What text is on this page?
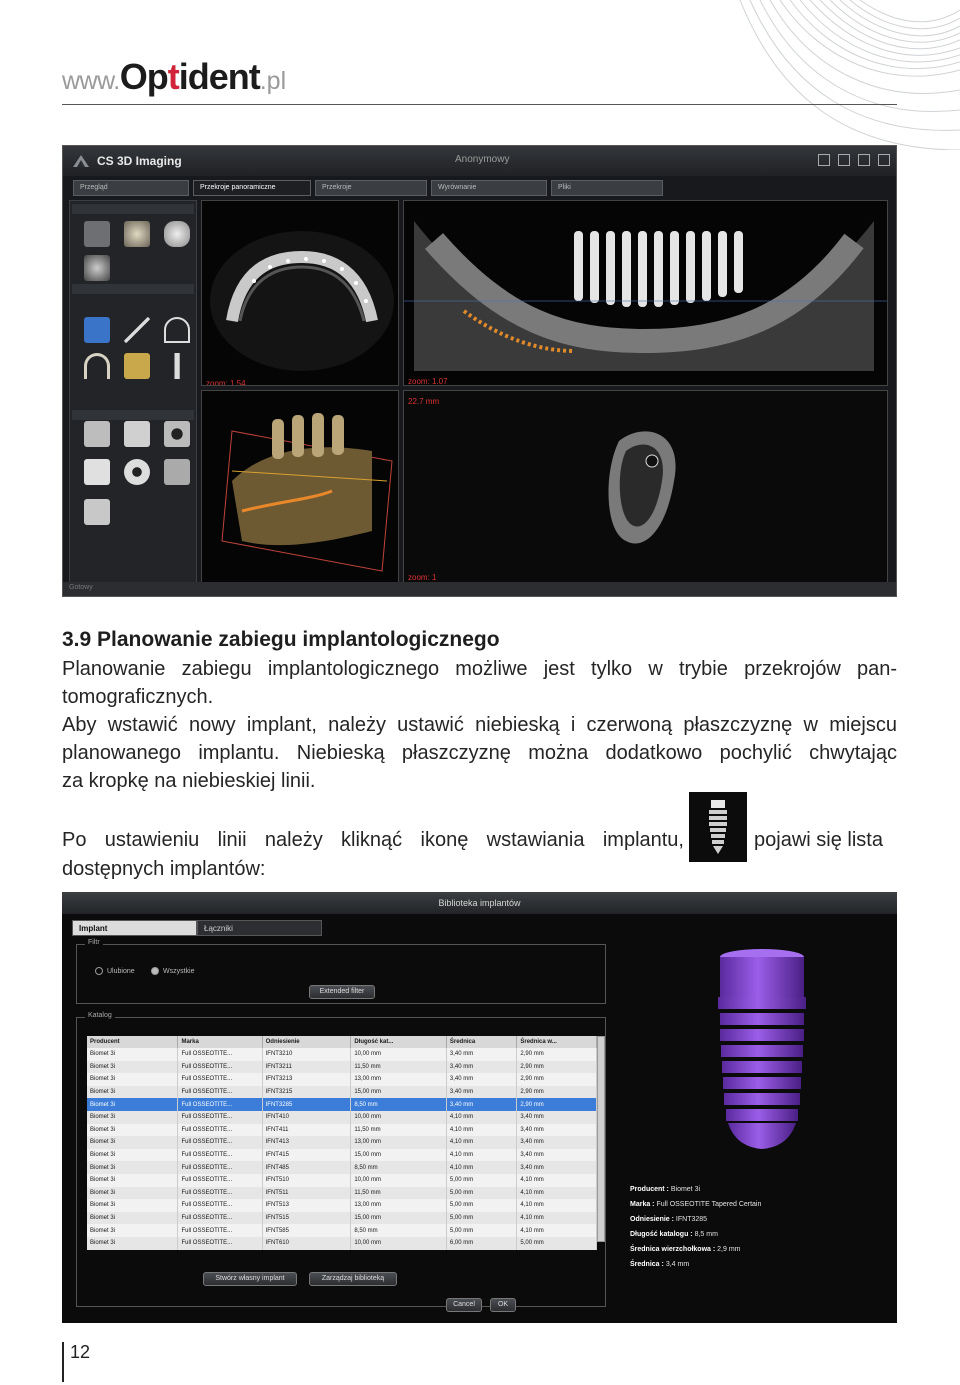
www. Optident .pl
CS 3D Imaging	Anonymowy
Przegląd	Przekroje panoramiczne	Przekroje	Wyrównanie	Pliki
zoom: 1.54	zoom: 1.07
22.7 mm
zoom: 1
Gotowy
3.9 Planowanie zabiegu implantologicznego
Planowanie zabiegu implantologicznego możliwe jest tylko w trybie przekrojów pan-
tomograficznych.
Aby wstawić nowy implant, należy ustawić niebieską i czerwoną płaszczyznę w miejscu
planowanego implantu. Niebieską płaszczyznę można dodatkowo pochylić chwytając
za kropkę na niebieskiej linii.
Po ustawieniu linii należy kliknąć ikonę wstawiania implantu,	pojawi się lista
dostępnych implantów:
Biblioteka implantów
Implant	Łączniki
Filtr
Ulubione	Wszystkie
Extended filter
Katalog
Producent	Marka	Odniesienie	Długość kat...	Średnica	Średnica w...
Biomet 3i	Full OSSEOTITE...	IFNT3210	10,00 mm	3,40 mm	2,90 mm
Biomet 3i	Full OSSEOTITE...	IFNT3211	11,50 mm	3,40 mm	2,90 mm
Biomet 3i	Full OSSEOTITE...	IFNT3213	13,00 mm	3,40 mm	2,90 mm
Biomet 3i	Full OSSEOTITE...	IFNT3215	15,00 mm	3,40 mm	2,90 mm
Biomet 3i	Full OSSEOTITE...	IFNT3285	8,50 mm	3,40 mm	2,90 mm
Biomet 3i	Full OSSEOTITE...	IFNT410	10,00 mm	4,10 mm	3,40 mm
Biomet 3i	Full OSSEOTITE...	IFNT411	11,50 mm	4,10 mm	3,40 mm
Biomet 3i	Full OSSEOTITE...	IFNT413	13,00 mm	4,10 mm	3,40 mm
Biomet 3i	Full OSSEOTITE...	IFNT415	15,00 mm	4,10 mm	3,40 mm
Biomet 3i	Full OSSEOTITE...	IFNT485	8,50 mm	4,10 mm	3,40 mm
Biomet 3i	Full OSSEOTITE...	IFNT510	10,00 mm	5,00 mm	4,10 mm
Biomet 3i	Full OSSEOTITE...	IFNT511	11,50 mm	5,00 mm	4,10 mm
Biomet 3i	Full OSSEOTITE...	IFNT513	13,00 mm	5,00 mm	4,10 mm
Biomet 3i	Full OSSEOTITE...	IFNT515	15,00 mm	5,00 mm	4,10 mm
Biomet 3i	Full OSSEOTITE...	IFNT585	8,50 mm	5,00 mm	4,10 mm
Biomet 3i	Full OSSEOTITE...	IFNT610	10,00 mm	6,00 mm	5,00 mm
Stwórz własny implant	Zarządzaj biblioteką
Producent : Biomet 3i
Marka : Full OSSEOTITE Tapered Certain
Odniesienie : IFNT3285
Długość katalogu : 8,5 mm
Średnica wierzchołkowa : 2,9 mm
Średnica : 3,4 mm
Cancel	OK
12
